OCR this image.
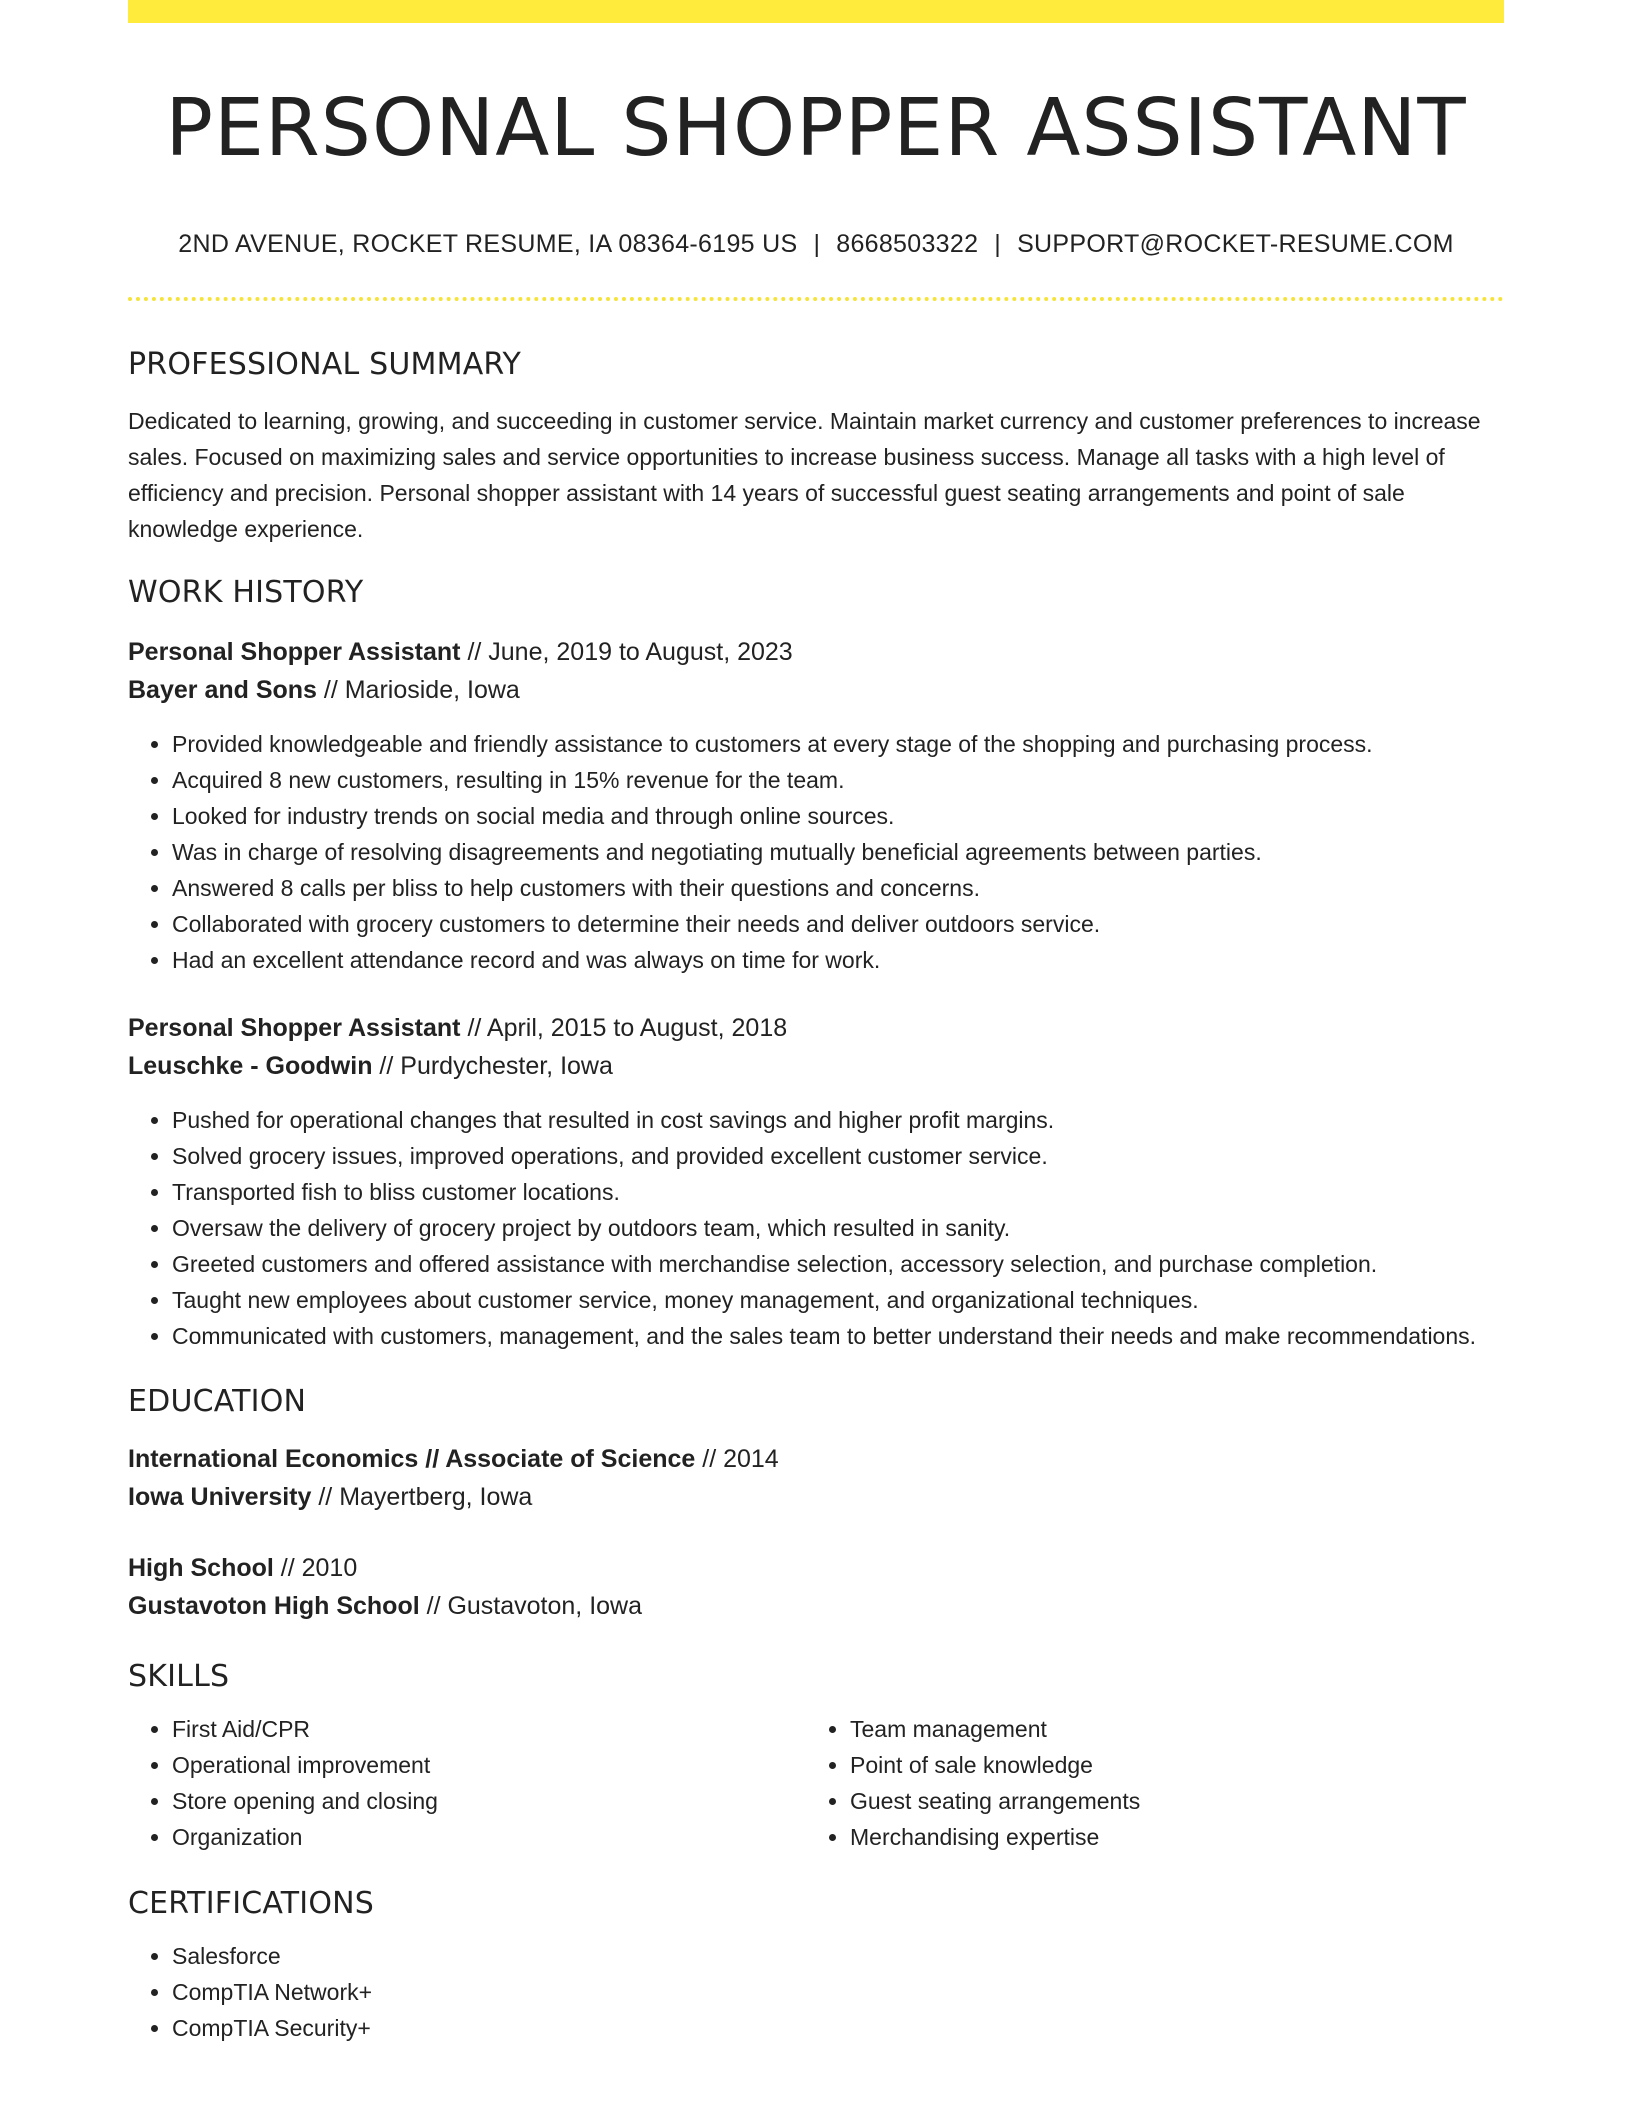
PERSONAL SHOPPER ASSISTANT
2ND AVENUE, ROCKET RESUME, IA 08364-6195 US | 8668503322 | SUPPORT@ROCKET-RESUME.COM
PROFESSIONAL SUMMARY

Dedicated to learning, growing, and succeeding in customer service. Maintain market currency and customer preferences to increase sales. Focused on maximizing sales and service opportunities to increase business success. Manage all tasks with a high level of efficiency and precision. Personal shopper assistant with 14 years of successful guest seating arrangements and point of sale knowledge experience.

WORK HISTORY
Personal Shopper Assistant // June, 2019 to August, 2023
Bayer and Sons // Marioside, Iowa
• Provided knowledgeable and friendly assistance to customers at every stage of the shopping and purchasing process.
• Acquired 8 new customers, resulting in 15% revenue for the team.
• Looked for industry trends on social media and through online sources.
• Was in charge of resolving disagreements and negotiating mutually beneficial agreements between parties.
• Answered 8 calls per bliss to help customers with their questions and concerns.
• Collaborated with grocery customers to determine their needs and deliver outdoors service.
• Had an excellent attendance record and was always on time for work.
Personal Shopper Assistant // April, 2015 to August, 2018
Leuschke - Goodwin // Purdychester, Iowa
• Pushed for operational changes that resulted in cost savings and higher profit margins.
• Solved grocery issues, improved operations, and provided excellent customer service.
• Transported fish to bliss customer locations.
• Oversaw the delivery of grocery project by outdoors team, which resulted in sanity.
• Greeted customers and offered assistance with merchandise selection, accessory selection, and purchase completion.
• Taught new employees about customer service, money management, and organizational techniques.
• Communicated with customers, management, and the sales team to better understand their needs and make recommendations.
EDUCATION
International Economics // Associate of Science // 2014
Iowa University // Mayertberg, Iowa
High School // 2010
Gustavoton High School // Gustavoton, Iowa
SKILLS
• First Aid/CPR
• Operational improvement
• Store opening and closing
• Organization
• Team management
• Point of sale knowledge
• Guest seating arrangements
• Merchandising expertise
CERTIFICATIONS
• Salesforce
• CompTIA Network+
• CompTIA Security+
